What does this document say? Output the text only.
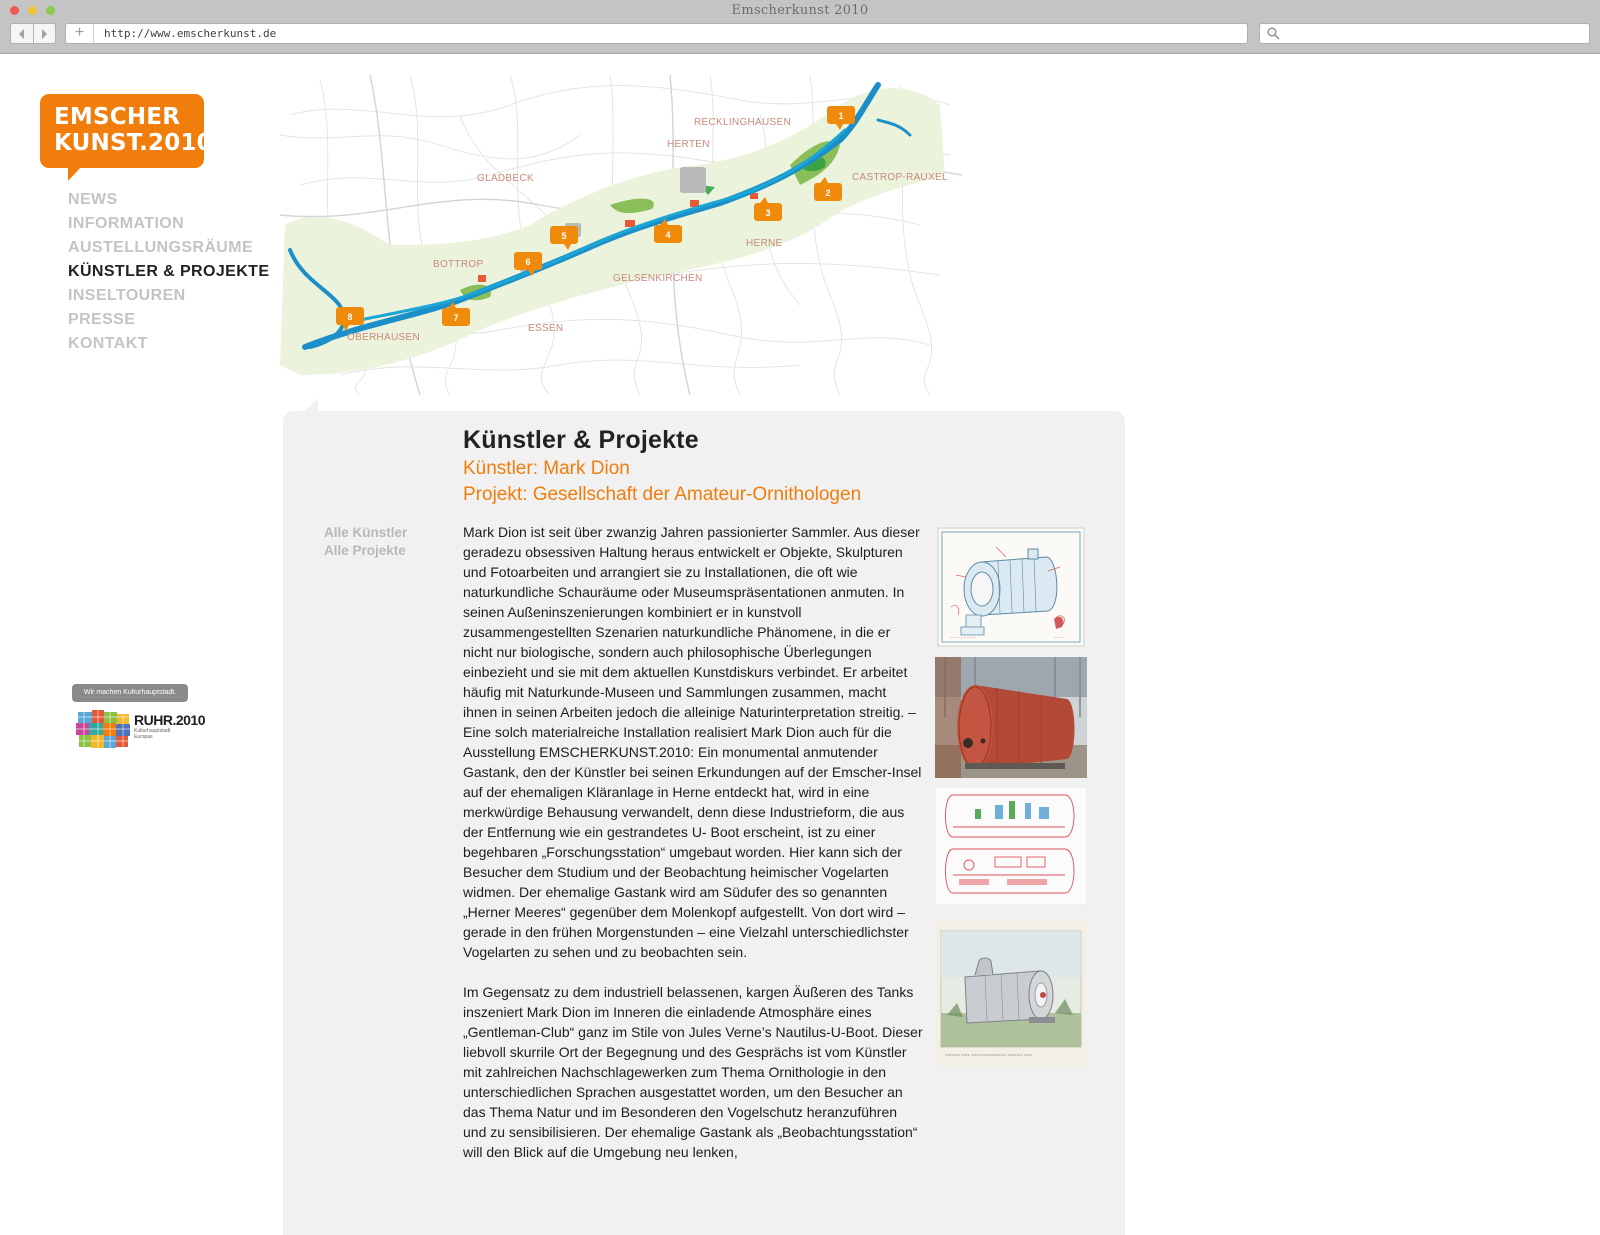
Emscherkunst 2010
+	http://www.emscherkunst.de
EMSCHER
KUNST.2010
NEWS
INFORMATION
AUSTELLUNGSRÄUME
KÜNSTLER & PROJEKTE
INSELTOUREN
PRESSE
KONTAKT
Wir machen Kulturhauptstadt.
RUHR.2010
Kulturhauptstadt Europas
RECKLINGHAUSEN
HERTEN
CASTROP-RAUXEL
GLADBECK
HERNE
BOTTROP
GELSENKIRCHEN
ESSEN
OBERHAUSEN
1
2
3
4
5
6
7
8
Alle Künstler
Alle Projekte
Künstler & Projekte
Künstler: Mark Dion
Projekt: Gesellschaft der Amateur-Ornithologen

Mark Dion ist seit über zwanzig Jahren passionierter Sammler. Aus dieser geradezu obsessiven Haltung heraus entwickelt er Objekte, Skulpturen und Fotoarbeiten und arrangiert sie zu Installationen, die oft wie naturkundliche Schauräume oder Museumspräsentationen anmuten. In seinen Außeninszenierungen kombiniert er in kunstvoll zusammengestellten Szenarien naturkundliche Phänomene, in die er nicht nur biologische, sondern auch philosophische Überlegungen einbezieht und sie mit dem aktuellen Kunstdiskurs verbindet. Er arbeitet häufig mit Naturkunde-Museen und Sammlungen zusammen, macht ihnen in seinen Arbeiten jedoch die alleinige Naturinterpretation streitig. – Eine solch materialreiche Installation realisiert Mark Dion auch für die Ausstellung EMSCHERKUNST.2010: Ein monumental anmutender Gastank, den der Künstler bei seinen Erkundungen auf der Emscher-Insel auf der ehemaligen Kläranlage in Herne entdeckt hat, wird in eine merkwürdige Behausung verwandelt, denn diese Industrieform, die aus der Entfernung wie ein gestrandetes U- Boot erscheint, ist zu einer begehbaren „Forschungsstation“ umgebaut worden. Hier kann sich der Besucher dem Studium und der Beobachtung heimischer Vogelarten widmen. Der ehemalige Gastank wird am Südufer des so genannten „Herner Meeres“ gegenüber dem Molenkopf aufgestellt. Von dort wird – gerade in den frühen Morgenstunden – eine Vielzahl unterschiedlichster Vogelarten zu sehen und zu beobachten sein.

Im Gegensatz zu dem industriell belassenen, kargen Äußeren des Tanks inszeniert Mark Dion im Inneren die einladende Atmosphäre eines „Gentleman-Club“ ganz im Stile von Jules Verne’s Nautilus-U-Boot. Dieser liebvoll skurrile Ort der Begegnung und des Gesprächs ist vom Künstler mit zahlreichen Nachschlagewerken zum Thema Ornithologie in den unterschiedlichen Sprachen ausgestattet worden, um den Besucher an das Thema Natur und im Besonderen den Vogelschutz heranzuführen und zu sensibilisieren. Der ehemalige Gastank als „Beobachtungsstation“ will den Blick auf die Umgebung neu lenken,

~~~ ~~ ~~~~~	~~ ~~
~~~~~ ~~~ ~~~~~~~~~~~~ ~~~~~ ~~~
